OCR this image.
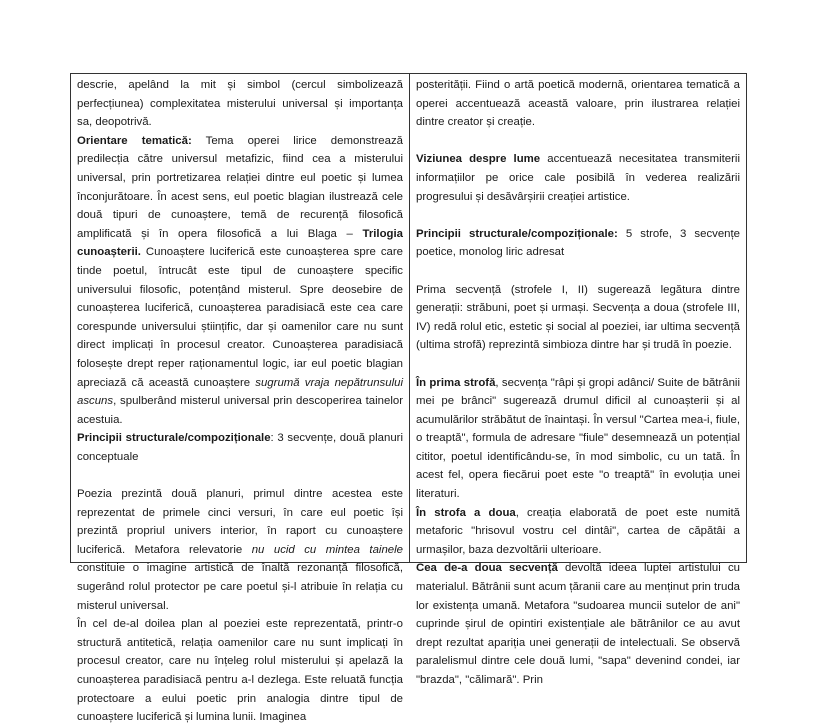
descrie, apelând la mit și simbol (cercul simbolizează perfecțiunea) complexitatea misterului universal și importanța sa, deopotrivă.

Orientare tematică: Tema operei lirice demonstrează predilecția către universul metafizic, fiind cea a misterului universal, prin portretizarea relației dintre eul poetic și lumea înconjurătoare. În acest sens, eul poetic blagian ilustrează cele două tipuri de cunoaștere, temă de recurență filosofică amplificată și în opera filosofică a lui Blaga – Trilogia cunoașterii. Cunoaștere luciferică este cunoașterea spre care tinde poetul, întrucât este tipul de cunoaștere specific universului filosofic, potențând misterul. Spre deosebire de cunoașterea luciferică, cunoașterea paradisiacă este cea care corespunde universului științific, dar și oamenilor care nu sunt direct implicați în procesul creator. Cunoașterea paradisiacă folosește drept reper raționamentul logic, iar eul poetic blagian apreciază că această cunoaștere sugrumă vraja nepătrunsului ascuns, spulberând misterul universal prin descoperirea tainelor acestuia.

Principii structurale/compoziționale: 3 secvențe, două planuri conceptuale

Poezia prezintă două planuri, primul dintre acestea este reprezentat de primele cinci versuri, în care eul poetic își prezintă propriul univers interior, în raport cu cunoaștere luciferică. Metafora relevatorie nu ucid cu mintea tainele constituie o imagine artistică de înaltă rezonanță filosofică, sugerând rolul protector pe care poetul și-l atribuie în relația cu misterul universal.

În cel de-al doilea plan al poeziei este reprezentată, printr-o structură antitetică, relația oamenilor care nu sunt implicați în procesul creator, care nu înțeleg rolul misterului și apelază la cunoașterea paradisiacă pentru a-l dezlega. Este reluată funcția protectoare a eului poetic prin analogia dintre tipul de cunoaștere luciferică și lumina lunii. Imaginea

posterității. Fiind o artă poetică modernă, orientarea tematică a operei accentuează această valoare, prin ilustrarea relației dintre creator și creație.

Viziunea despre lume accentuează necesitatea transmiterii informațiilor pe orice cale posibilă în vederea realizării progresului și desăvârșirii creației artistice.

Principii structurale/compoziționale: 5 strofe, 3 secvențe poetice, monolog liric adresat

Prima secvență (strofele I, II) sugerează legătura dintre generații: străbuni, poet și urmași. Secvența a doua (strofele III, IV) redă rolul etic, estetic și social al poeziei, iar ultima secvență (ultima strofă) reprezintă simbioza dintre har și trudă în poezie.

În prima strofă, secvența "râpi și gropi adânci/ Suite de bătrânii mei pe brânci" sugerează drumul dificil al cunoașterii și al acumulărilor străbătut de înaintași. În versul "Cartea mea-i, fiule, o treaptă", formula de adresare "fiule" desemnează un potențial cititor, poetul identificându-se, în mod simbolic, cu un tată. În acest fel, opera fiecărui poet este "o treaptă" în evoluția unei literaturi.

În strofa a doua, creația elaborată de poet este numită metaforic "hrisovul vostru cel dintâi", cartea de căpătâi a urmașilor, baza dezvoltării ulterioare.

Cea de-a doua secvență devoltă ideea luptei artistului cu materialul. Bătrânii sunt acum țăranii care au menținut prin truda lor existența umană. Metafora "sudoarea muncii sutelor de ani" cuprinde șirul de opintiri existențiale ale bătrânilor ce au avut drept rezultat apariția unei generații de intelectuali. Se observă paralelismul dintre cele două lumi, "sapa" devenind condei, iar "brazda", "călimară". Prin
